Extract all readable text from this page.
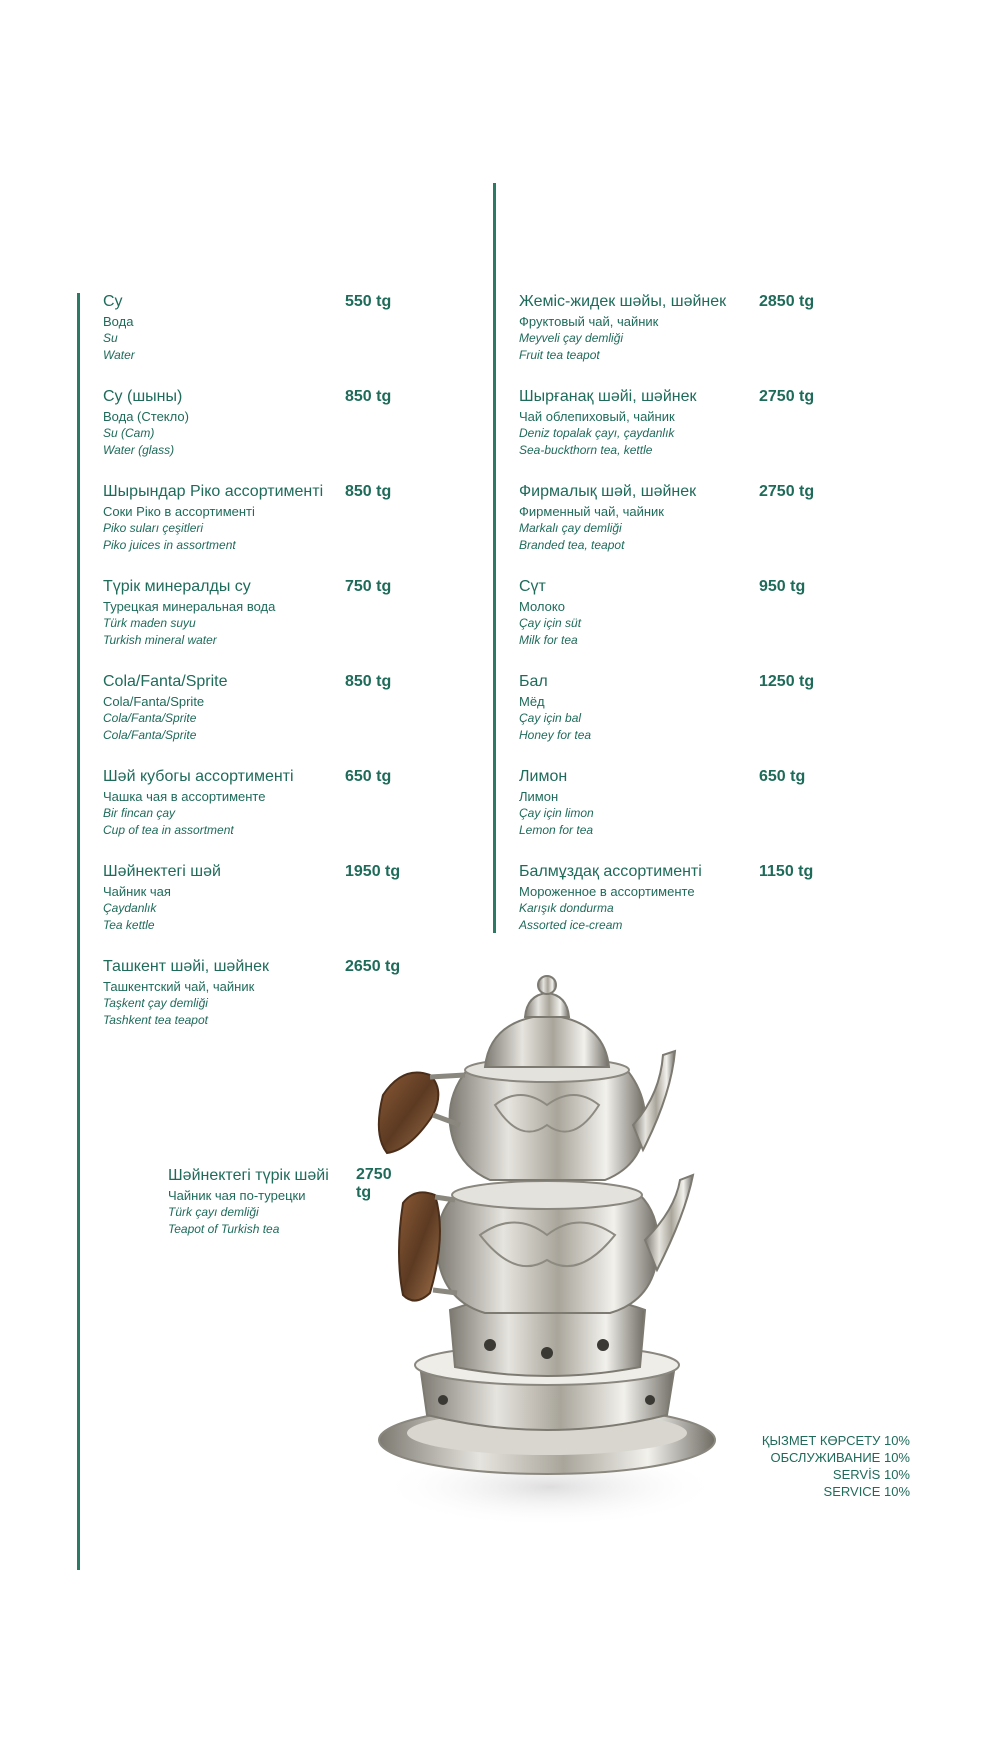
Су
Вода
Su
Water
550 tg
Су (шыны)
Вода (Стекло)
Su (Cam)
Water (glass)
850 tg
Шырындар Ріко ассортименті
Соки Ріко в ассортименті
Piko suları çeşitleri
Piko juices in assortment
850 tg
Түрік минералды су
Турецкая минеральная вода
Türk maden suyu
Turkish mineral water
750 tg
Cola/Fanta/Sprite
Cola/Fanta/Sprite
Cola/Fanta/Sprite
Cola/Fanta/Sprite
850 tg
Шәй кубогы ассортименті
Чашка чая в ассортименте
Bir fincan çay
Cup of tea in assortment
650 tg
Шәйнектегі шәй
Чайник чая
Çaydanlık
Tea kettle
1950 tg
Ташкент шәйі, шәйнек
Ташкентский чай, чайник
Taşkent çay demliği
Tashkent tea teapot
2650 tg
Жеміс-жидек шәйы, шәйнек
Фруктовый чай, чайник
Meyveli çay demliği
Fruit tea teapot
2850 tg
Шырғанақ шәйі, шәйнек
Чай облепиховый, чайник
Deniz topalak çayı, çaydanlık
Sea-buckthorn tea, kettle
2750 tg
Фирмалық шәй, шәйнек
Фирменный чай, чайник
Markalı çay demliği
Branded tea, teapot
2750 tg
Сүт
Молоко
Çay için süt
Milk for tea
950 tg
Бал
Мёд
Çay için bal
Honey for tea
1250 tg
Лимон
Лимон
Çay için limon
Lemon for tea
650 tg
Балмұздақ ассортименті
Мороженное в ассортименте
Karışık dondurma
Assorted ice-cream
1150 tg
Шәйнектегі түрік шәйі
Чайник чая по-турецки
Türk çayı demliği
Teapot of Turkish tea
2750 tg
ҚЫЗМЕТ КӨРСЕТУ 10%
ОБСЛУЖИВАНИЕ 10%
SERVİS 10%
SERVICE 10%
